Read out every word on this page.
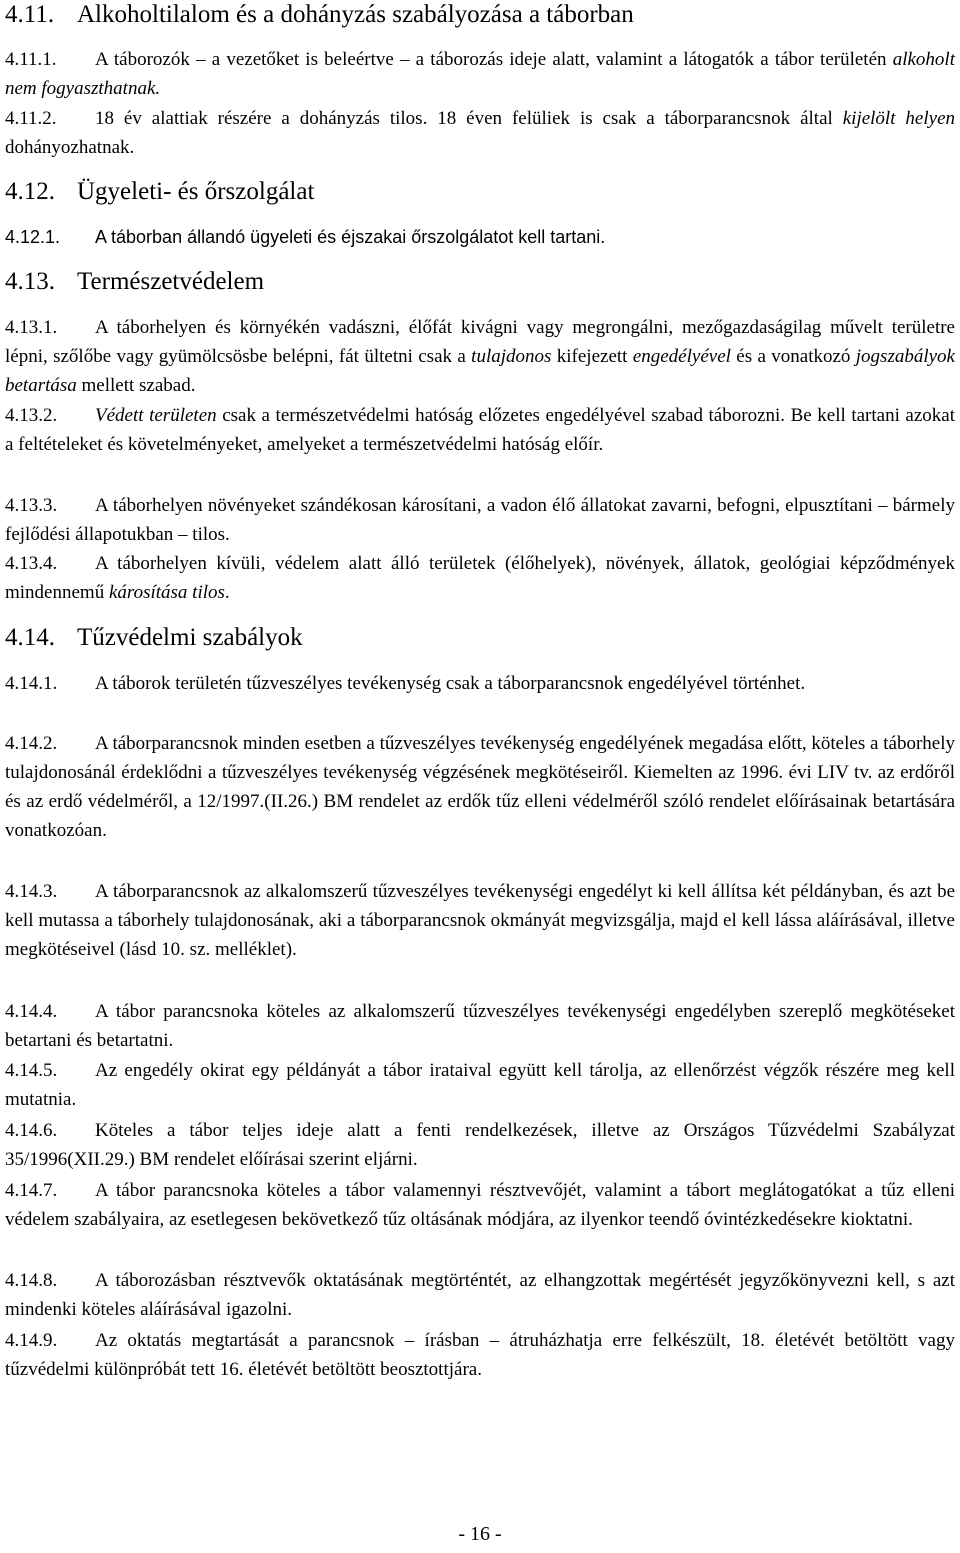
4.11. Alkoholtilalom és a dohányzás szabályozása a táborban
4.11.1. A táborozók – a vezetőket is beleértve – a táborozás ideje alatt, valamint a látogatók a tábor területén alkoholt nem fogyaszthatnak.
4.11.2. 18 év alattiak részére a dohányzás tilos. 18 éven felüliek is csak a táborparancsnok által kijelölt helyen dohányozhatnak.
4.12. Ügyeleti- és őrszolgálat
4.12.1. A táborban állandó ügyeleti és éjszakai őrszolgálatot kell tartani.
4.13. Természetvédelem
4.13.1. A táborhelyen és környékén vadászni, élőfát kivágni vagy megrongálni, mezőgazdaságilag művelt területre lépni, szőlőbe vagy gyümölcsösbe belépni, fát ültetni csak a tulajdonos kifejezett engedélyével és a vonatkozó jogszabályok betartása mellett szabad.
4.13.2. Védett területen csak a természetvédelmi hatóság előzetes engedélyével szabad táborozni. Be kell tartani azokat a feltételeket és követelményeket, amelyeket a természetvédelmi hatóság előír.
4.13.3. A táborhelyen növényeket szándékosan károsítani, a vadon élő állatokat zavarni, befogni, elpusztítani – bármely fejlődési állapotukban – tilos.
4.13.4. A táborhelyen kívüli, védelem alatt álló területek (élőhelyek), növények, állatok, geológiai képződmények mindennemű károsítása tilos.
4.14. Tűzvédelmi szabályok
4.14.1. A táborok területén tűzveszélyes tevékenység csak a táborparancsnok engedélyével történhet.
4.14.2. A táborparancsnok minden esetben a tűzveszélyes tevékenység engedélyének megadása előtt, köteles a táborhely tulajdonosánál érdeklődni a tűzveszélyes tevékenység végzésének megkötéseiről. Kiemelten az 1996. évi LIV tv. az erdőről és az erdő védelméről, a 12/1997.(II.26.) BM rendelet az erdők tűz elleni védelméről szóló rendelet előírásainak betartására vonatkozóan.
4.14.3. A táborparancsnok az alkalomszerű tűzveszélyes tevékenységi engedélyt ki kell állítsa két példányban, és azt be kell mutassa a táborhely tulajdonosának, aki a táborparancsnok okmányát megvizsgálja, majd el kell lássa aláírásával, illetve megkötéseivel (lásd 10. sz. melléklet).
4.14.4. A tábor parancsnoka köteles az alkalomszerű tűzveszélyes tevékenységi engedélyben szereplő megkötéseket betartani és betartatni.
4.14.5. Az engedély okirat egy példányát a tábor irataival együtt kell tárolja, az ellenőrzést végzők részére meg kell mutatnia.
4.14.6. Köteles a tábor teljes ideje alatt a fenti rendelkezések, illetve az Országos Tűzvédelmi Szabályzat 35/1996(XII.29.) BM rendelet előírásai szerint eljárni.
4.14.7. A tábor parancsnoka köteles a tábor valamennyi résztvevőjét, valamint a tábort meglátogatókat a tűz elleni védelem szabályaira, az esetlegesen bekövetkező tűz oltásának módjára, az ilyenkor teendő óvintézkedésekre kioktatni.
4.14.8. A táborozásban résztvevők oktatásának megtörténtét, az elhangzottak megértését jegyzőkönyvezni kell, s azt mindenki köteles aláírásával igazolni.
4.14.9. Az oktatás megtartását a parancsnok – írásban – átruházhatja erre felkészült, 18. életévét betöltött vagy tűzvédelmi különpróbát tett 16. életévét betöltött beosztottjára.
- 16 -
